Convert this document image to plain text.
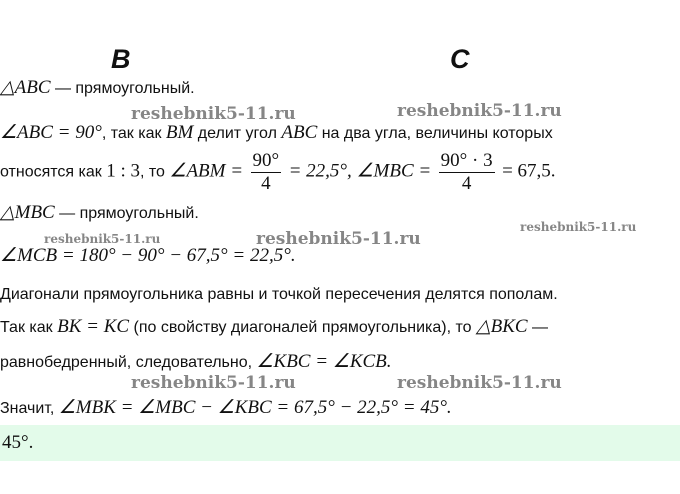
B	C
△ABC — прямоугольный.
∠ABC = 90°, так как BM делит угол ABC на два угла, величины которых
относятся как 1 : 3, то ∠ABM = $\frac{90^\circ}{4} = 22,5^\circ$, ∠MBC = $\frac{90^\circ \cdot 3}{4} = 67,5$.
△MBC — прямоугольный.
∠MCB = 180° − 90° − 67,5° = 22,5°.
Диагонали прямоугольника равны и точкой пересечения делятся пополам.
Так как BK = KC (по свойству диагоналей прямоугольника), то △BKC —
равнобедренный, следовательно, ∠KBC = ∠KCB.
Значит, ∠MBK = ∠MBC − ∠KBC = 67,5° − 22,5° = 45°.
45°.
reshebnik5-11.ru	reshebnik5-11.ru
reshebnik5-11.ru
reshebnik5-11.ru	reshebnik5-11.ru
reshebnik5-11.ru	reshebnik5-11.ru
